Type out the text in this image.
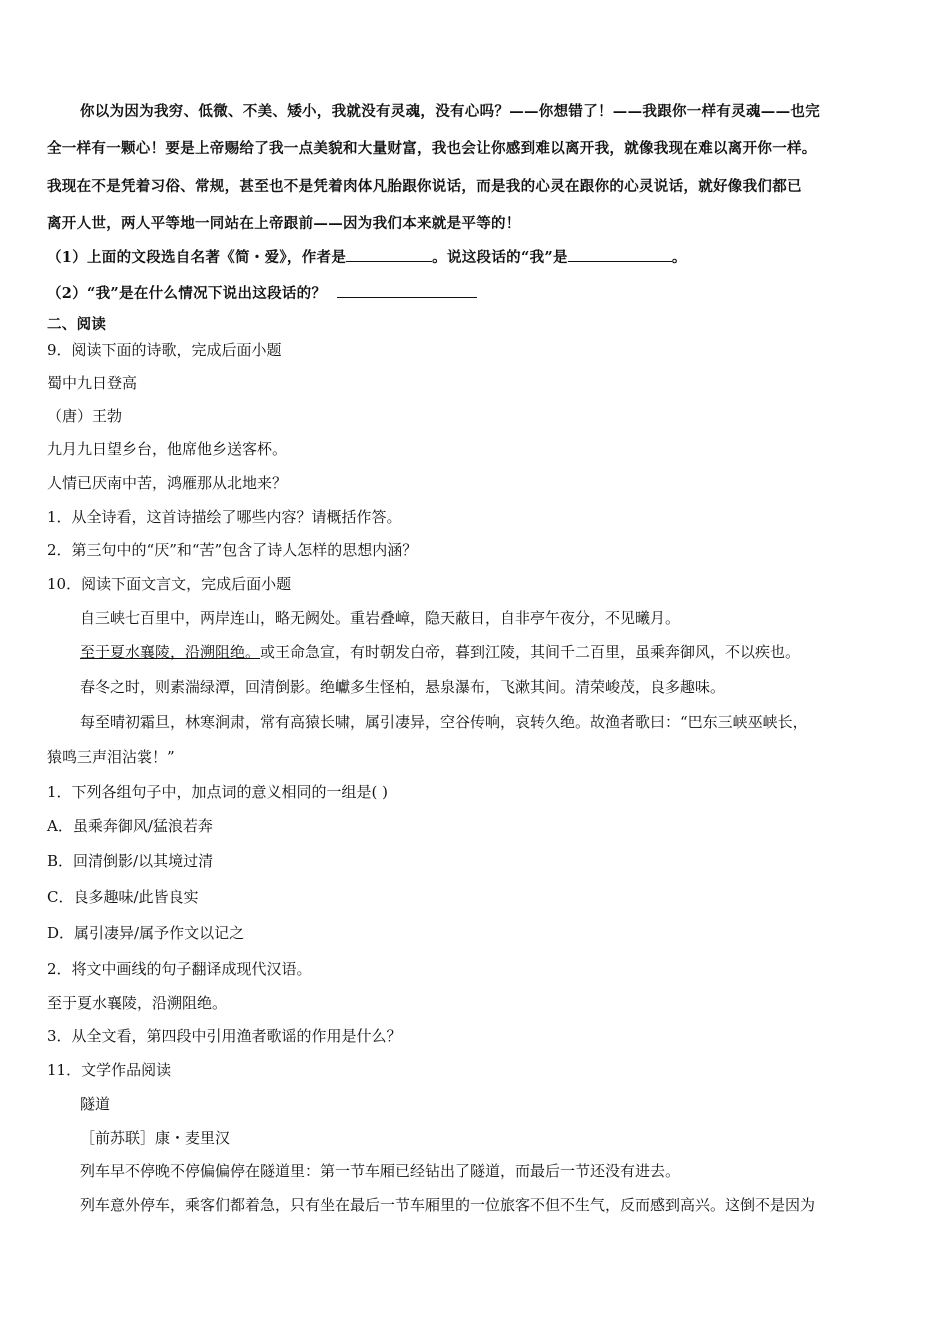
你以为因为我穷、低微、不美、矮小，我就没有灵魂，没有心吗？——你想错了！——我跟你一样有灵魂——也完
全一样有一颗心！要是上帝赐给了我一点美貌和大量财富，我也会让你感到难以离开我，就像我现在难以离开你一样。
我现在不是凭着习俗、常规，甚至也不是凭着肉体凡胎跟你说话，而是我的心灵在跟你的心灵说话，就好像我们都已
离开人世，两人平等地一同站在上帝跟前——因为我们本来就是平等的！
（1）上面的文段选自名著《简・爱》，作者是	。说这段话的“我”是	。
（2）“我”是在什么情况下说出这段话的？
二、阅读
9．阅读下面的诗歌，完成后面小题
蜀中九日登高
（唐）王勃
九月九日望乡台，他席他乡送客杯。
人情已厌南中苦，鸿雁那从北地来？
1．从全诗看，这首诗描绘了哪些内容？请概括作答。
2．第三句中的“厌”和“苦”包含了诗人怎样的思想内涵？
10．阅读下面文言文，完成后面小题
自三峡七百里中，两岸连山，略无阙处。重岩叠嶂，隐天蔽日，自非亭午夜分，不见曦月。
至于夏水襄陵，沿溯阻绝。或王命急宣，有时朝发白帝，暮到江陵，其间千二百里，虽乘奔御风，不以疾也。
春冬之时，则素湍绿潭，回清倒影。绝巘多生怪柏，悬泉瀑布，飞漱其间。清荣峻茂，良多趣味。
每至晴初霜旦，林寒涧肃，常有高猿长啸，属引凄异，空谷传响，哀转久绝。故渔者歌曰：“巴东三峡巫峡长，
猿鸣三声泪沾裳！”
1．下列各组句子中，加点词的意义相同的一组是( )
A．虽乘奔御风/猛浪若奔
B．回清倒影/以其境过清
C．良多趣味/此皆良实
D．属引凄异/属予作文以记之
2．将文中画线的句子翻译成现代汉语。
至于夏水襄陵，沿溯阻绝。
3．从全文看，第四段中引用渔者歌谣的作用是什么？
11．文学作品阅读
隧道
［前苏联］康・麦里汉
列车早不停晚不停偏偏停在隧道里：第一节车厢已经钻出了隧道，而最后一节还没有进去。
列车意外停车，乘客们都着急，只有坐在最后一节车厢里的一位旅客不但不生气，反而感到高兴。这倒不是因为
